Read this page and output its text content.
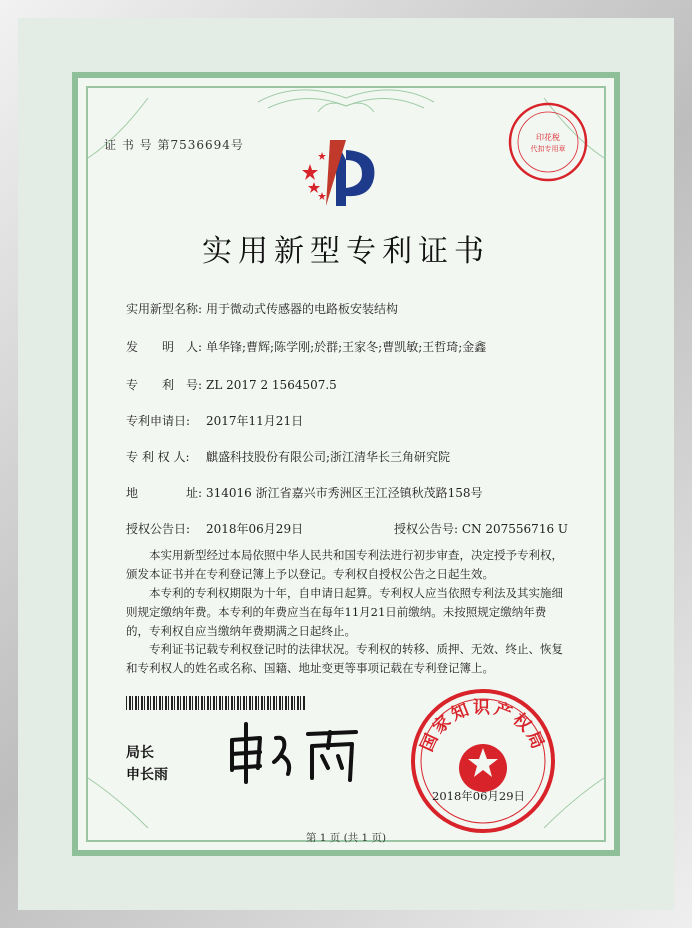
证 书 号 第7536694号
印花税
代扣专用章
实用新型专利证书
实用新型名称: 用于微动式传感器的电路板安装结构
发　　明　人: 单华锋;曹辉;陈学刚;於群;王家冬;曹凯敏;王哲琦;金鑫
专　　利　号: ZL 2017 2 1564507.5
专利申请日: 2017年11月21日
专 利 权 人: 麒盛科技股份有限公司;浙江清华长三角研究院
地　　　　址: 314016 浙江省嘉兴市秀洲区王江泾镇秋茂路158号
授权公告日: 2018年06月29日	授权公告号: CN 207556716 U
本实用新型经过本局依照中华人民共和国专利法进行初步审查，决定授予专利权，颁发本证书并在专利登记簿上予以登记。专利权自授权公告之日起生效。
本专利的专利权期限为十年，自申请日起算。专利权人应当依照专利法及其实施细则规定缴纳年费。本专利的年费应当在每年11月21日前缴纳。未按照规定缴纳年费的，专利权自应当缴纳年费期满之日起终止。
专利证书记载专利权登记时的法律状况。专利权的转移、质押、无效、终止、恢复和专利权人的姓名或名称、国籍、地址变更等事项记载在专利登记簿上。
局长
申长雨
国家知识产权局
2018年06月29日
第 1 页 (共 1 页)
